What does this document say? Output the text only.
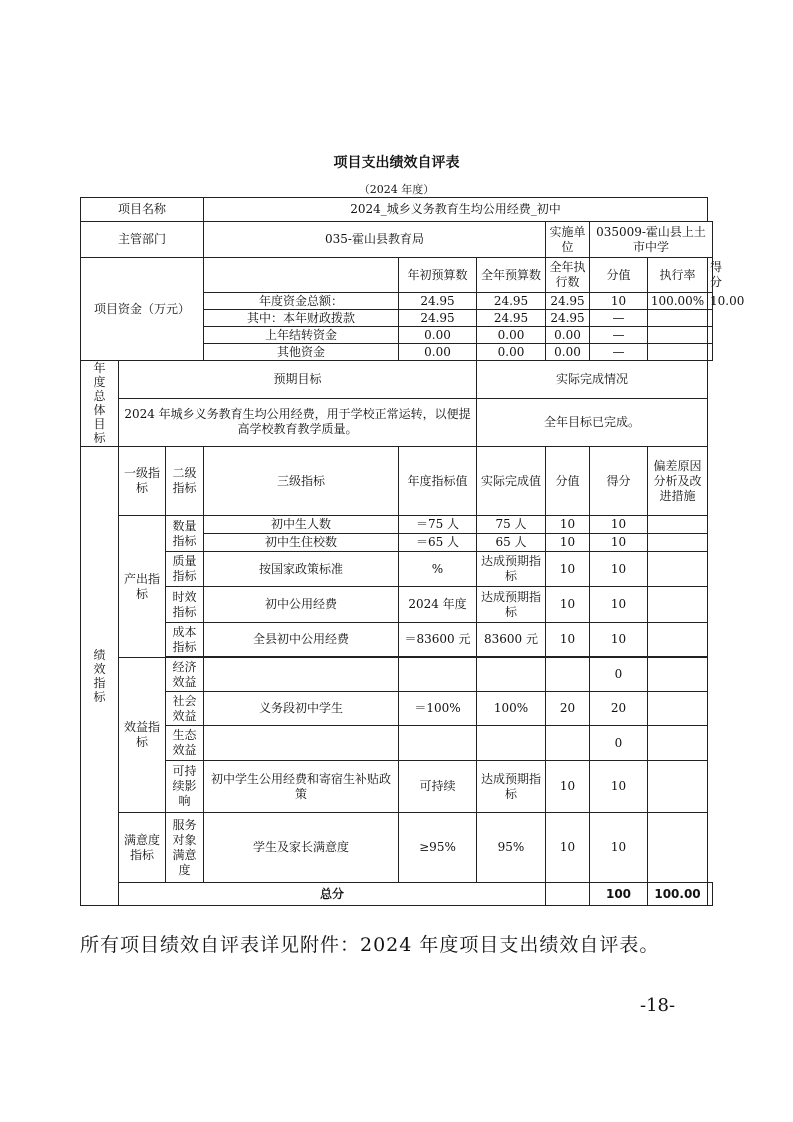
项目支出绩效自评表
（2024 年度）
项目名称			2024_城乡义务教育生均公用经费_初中						
主管部门			035-霍山县教育局			实施单位	035009-霍山县上土市中学		
项目资金（万元）				年初预算数	全年预算数	全年执行数	分值	执行率	得分
			年度资金总额：	24.95	24.95	24.95	10	100.00%	10.00
			其中：本年财政拨款	24.95	24.95	24.95	—		
			上年结转资金	0.00	0.00	0.00	—		
			其他资金	0.00	0.00	0.00	—		
年度总体目标	预期目标				实际完成情况				
	2024 年城乡义务教育生均公用经费，用于学校正常运转，以便提高学校教育教学质量。				全年目标已完成。				
绩效指标	一级指标	二级指标	三级指标	年度指标值	实际完成值	分值	得分	偏差原因分析及改进措施	
	产出指标	数量指标	初中生人数	＝75 人	75 人	10	10		
			初中生住校数	＝65 人	65 人	10	10		
		质量指标	按国家政策标准	%	达成预期指标	10	10		
		时效指标	初中公用经费	2024 年度	达成预期指标	10	10		
		成本指标	全县初中公用经费	＝83600 元	83600 元	10	10		

	效益指标	经济效益					0		
		社会效益	义务段初中学生	＝100%	100%	20	20		
		生态效益					0		
		可持续影响	初中学生公用经费和寄宿生补贴政策	可持续	达成预期指标	10	10		
	满意度指标	服务对象满意度	学生及家长满意度	≥95%	95%	10	10		
	总分						100	100.00	
所有项目绩效自评表详见附件：2024 年度项目支出绩效自评表。
-18-
